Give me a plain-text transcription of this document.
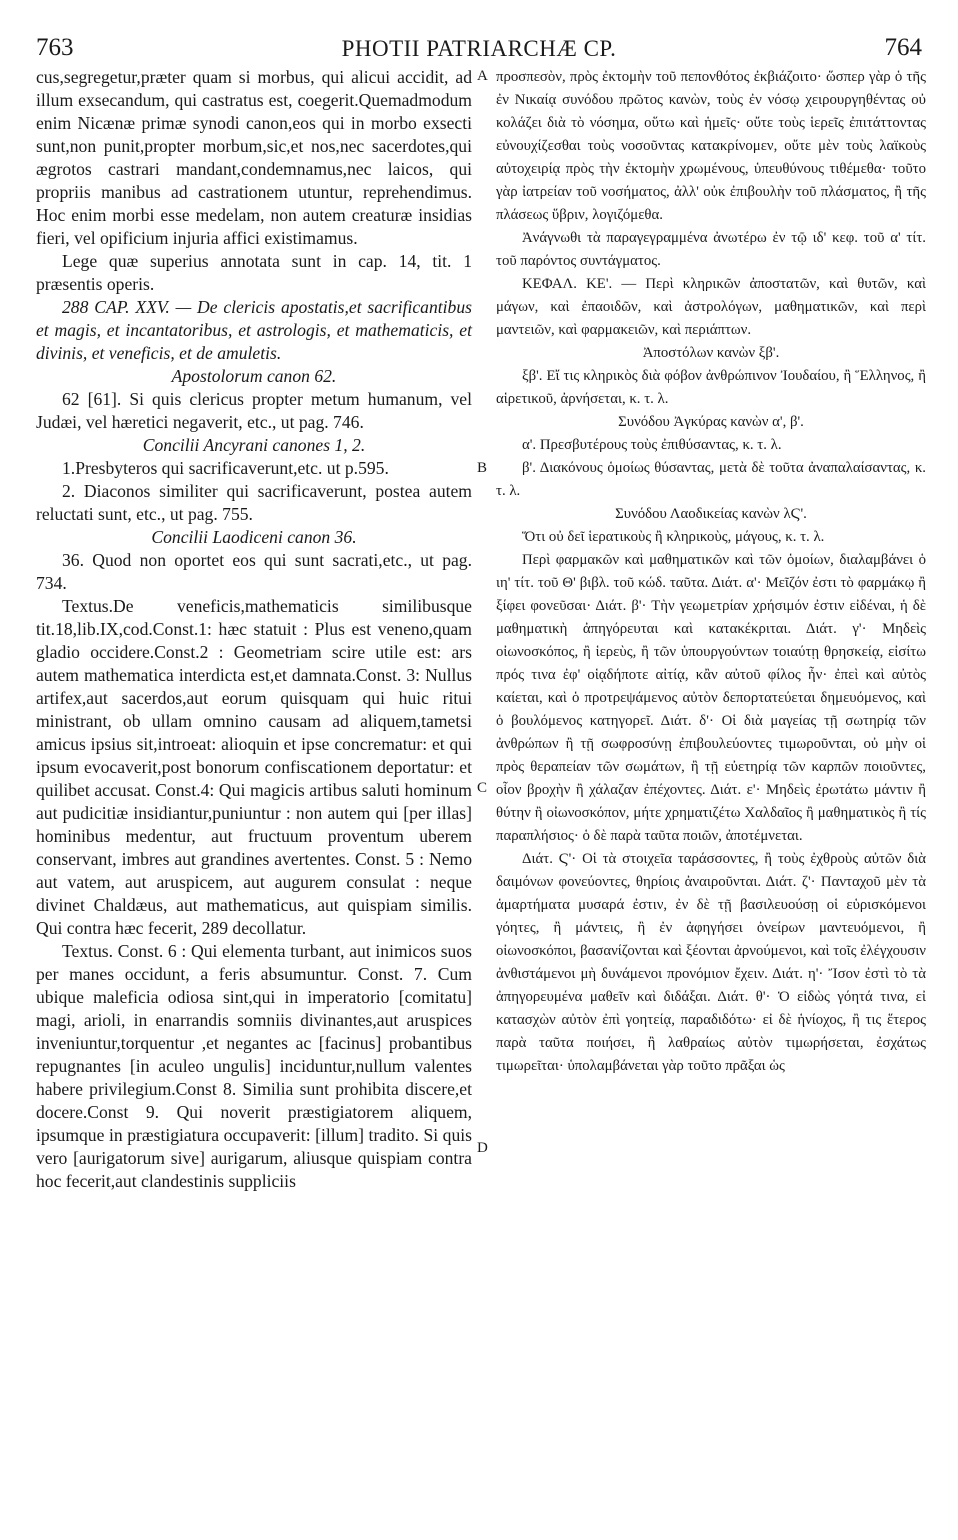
763	PHOTII PATRIARCHÆ CP.	764
A
B
C
D

cus,segregetur,præter quam si morbus, qui alicui accidit, ad illum exsecandum, qui castratus est, coegerit.Quemadmodum enim Nicænæ primæ synodi canon,eos qui in morbo exsecti sunt,non punit,propter morbum,sic,et nos,nec sacerdotes,qui ægrotos castrari mandant,condemnamus,nec laicos, qui propriis manibus ad castrationem utuntur, reprehendimus. Hoc enim morbi esse medelam, non autem creaturæ insidias fieri, vel opificium injuria affici existimamus.

Lege quæ superius annotata sunt in cap. 14, tit. 1 præsentis operis.

288 CAP. XXV. — De clericis apostatis,et sacrificantibus et magis, et incantatoribus, et astrologis, et mathematicis, et divinis, et veneficis, et de amuletis.

Apostolorum canon 62.

62 [61]. Si quis clericus propter metum humanum, vel Judæi, vel hæretici negaverit, etc., ut pag. 746.

Concilii Ancyrani canones 1, 2.

1.Presbyteros qui sacrificaverunt,etc. ut p.595.

2. Diaconos similiter qui sacrificaverunt, postea autem reluctati sunt, etc., ut pag. 755.

Concilii Laodiceni canon 36.

36. Quod non oportet eos qui sunt sacrati,etc., ut pag. 734.

Textus.De veneficis,mathematicis similibusque tit.18,lib.IX,cod.Const.1: hæc statuit : Plus est veneno,quam gladio occidere.Const.2 : Geometriam scire utile est: ars autem mathematica interdicta est,et damnata.Const. 3: Nullus artifex,aut sacerdos,aut eorum quisquam qui huic ritui ministrant, ob ullam omnino causam ad aliquem,tametsi amicus ipsius sit,introeat: alioquin et ipse concrematur: et qui ipsum evocaverit,post bonorum confiscationem deportatur: et quilibet accusat. Const.4: Qui magicis artibus saluti hominum aut pudicitiæ insidiantur,puniuntur : non autem qui [per illas] hominibus medentur, aut fructuum proventum uberem conservant, imbres aut grandines avertentes. Const. 5 : Nemo aut vatem, aut aruspicem, aut augurem consulat : neque divinet Chaldæus, aut mathematicus, aut quispiam similis. Qui contra hæc fecerit, 289 decollatur.

Textus. Const. 6 : Qui elementa turbant, aut inimicos suos per manes occidunt, a feris absumuntur. Const. 7. Cum ubique maleficia odiosa sint,qui in imperatorio [comitatu] magi, arioli, in enarrandis somniis divinantes,aut aruspices inveniuntur,torquentur ,et negantes ac [facinus] probantibus repugnantes [in aculeo ungulis] inciduntur,nullum valentes habere privilegium.Const 8. Similia sunt prohibita discere,et docere.Const 9. Qui noverit præstigiatorem aliquem, ipsumque in præstigiatura occupaverit: [illum] tradito. Si quis vero [aurigatorum sive] aurigarum, aliusque quispiam contra hoc fecerit,aut clandestinis suppliciis

προσπεσὸν, πρὸς ἐκτομὴν τοῦ πεπονθότος ἐκβιάζοιτο· ὥσπερ γὰρ ὁ τῆς ἐν Νικαίᾳ συνόδου πρῶτος κανὼν, τοὺς ἐν νόσῳ χειρουργηθέντας οὐ κολάζει διὰ τὸ νόσημα, οὕτω καὶ ἡμεῖς· οὔτε τοὺς ἱερεῖς ἐπιτάττοντας εὐνουχίζεσθαι τοὺς νοσοῦντας κατακρίνομεν, οὔτε μὲν τοὺς λαϊκοὺς αὐτοχειρίᾳ πρὸς τὴν ἐκτομὴν χρωμένους, ὑπευθύνους τιθέμεθα· τοῦτο γὰρ ἰατρείαν τοῦ νοσήματος, ἀλλ' οὐκ ἐπιβουλὴν τοῦ πλάσματος, ἢ τῆς πλάσεως ὕβριν, λογιζόμεθα.

Ἀνάγνωθι τὰ παραγεγραμμένα ἀνωτέρω ἐν τῷ ιδ' κεφ. τοῦ α' τίτ. τοῦ παρόντος συντάγματος.

ΚΕΦΑΛ. ΚΕ'. — Περὶ κληρικῶν ἀποστατῶν, καὶ θυτῶν, καὶ μάγων, καὶ ἐπαοιδῶν, καὶ ἀστρολόγων, μαθηματικῶν, καὶ περὶ μαντειῶν, καὶ φαρμακειῶν, καὶ περιάπτων.

Ἀποστόλων κανὼν ξβ'.

ξβ'. Εἴ τις κληρικὸς διὰ φόβον ἀνθρώπινον Ἰουδαίου, ἢ Ἕλληνος, ἢ αἱρετικοῦ, ἀρνήσεται, κ. τ. λ.

Συνόδου Ἀγκύρας κανὼν α', β'.

α'. Πρεσβυτέρους τοὺς ἐπιθύσαντας, κ. τ. λ.

β'. Διακόνους ὁμοίως θύσαντας, μετὰ δὲ τοῦτα ἀναπαλαίσαντας, κ. τ. λ.

Συνόδου Λαοδικείας κανὼν λϚ'.

Ὅτι οὐ δεῖ ἱερατικοὺς ἢ κληρικοὺς, μάγους, κ. τ. λ.

Περὶ φαρμακῶν καὶ μαθηματικῶν καὶ τῶν ὁμοίων, διαλαμβάνει ὁ ιη' τίτ. τοῦ Θ' βιβλ. τοῦ κώδ. ταῦτα. Διάτ. α'· Μεῖζόν ἐστι τὸ φαρμάκῳ ἢ ξίφει φονεῦσαι· Διάτ. β'· Τὴν γεωμετρίαν χρήσιμόν ἐστιν εἰδέναι, ἡ δὲ μαθηματικὴ ἀπηγόρευται καὶ κατακέκριται. Διάτ. γ'· Μηδεὶς οἰωνοσκόπος, ἢ ἱερεὺς, ἢ τῶν ὑπουργούντων τοιαύτῃ θρησκείᾳ, εἰσίτω πρός τινα ἐφ' οἱᾳδήποτε αἰτίᾳ, κἂν αὐτοῦ φίλος ἦν· ἐπεὶ καὶ αὐτὸς καίεται, καὶ ὁ προτρεψάμενος αὐτὸν δεπορτατεύεται δημευόμενος, καὶ ὁ βουλόμενος κατηγορεῖ. Διάτ. δ'· Οἱ διὰ μαγείας τῇ σωτηρίᾳ τῶν ἀνθρώπων ἢ τῇ σωφροσύνῃ ἐπιβουλεύοντες τιμωροῦνται, οὐ μὴν οἱ πρὸς θεραπείαν τῶν σωμάτων, ἢ τῇ εὐετηρίᾳ τῶν καρπῶν ποιοῦντες, οἷον βροχὴν ἢ χάλαζαν ἐπέχοντες. Διάτ. ε'· Μηδεὶς ἐρωτάτω μάντιν ἢ θύτην ἢ οἰωνοσκόπον, μήτε χρηματιζέτω Χαλδαῖος ἢ μαθηματικὸς ἢ τίς παραπλήσιος· ὁ δὲ παρὰ ταῦτα ποιῶν, ἀποτέμνεται.

Διάτ. Ϛ'· Οἱ τὰ στοιχεῖα ταράσσοντες, ἢ τοὺς ἐχθροὺς αὐτῶν διὰ δαιμόνων φονεύοντες, θηρίοις ἀναιροῦνται. Διάτ. ζ'· Πανταχοῦ μὲν τὰ ἁμαρτήματα μυσαρά ἐστιν, ἐν δὲ τῇ βασιλευούσῃ οἱ εὑρισκόμενοι γόητες, ἢ μάντεις, ἢ ἐν ἀφηγήσει ὀνείρων μαντευόμενοι, ἢ οἰωνοσκόποι, βασανίζονται καὶ ξέονται ἀρνούμενοι, καὶ τοῖς ἐλέγχουσιν ἀνθιστάμενοι μὴ δυνάμενοι προνόμιον ἔχειν. Διάτ. η'· Ἴσον ἐστὶ τὸ τὰ ἀπηγορευμένα μαθεῖν καὶ διδάξαι. Διάτ. θ'· Ὁ εἰδὼς γόητά τινα, εἰ κατασχὼν αὐτὸν ἐπὶ γοητείᾳ, παραδιδότω· εἰ δὲ ἡνίοχος, ἢ τις ἕτερος παρὰ ταῦτα ποιήσει, ἢ λαθραίως αὐτὸν τιμωρήσεται, ἐσχάτως τιμωρεῖται· ὑπολαμβάνεται γὰρ τοῦτο πρᾶξαι ὡς
